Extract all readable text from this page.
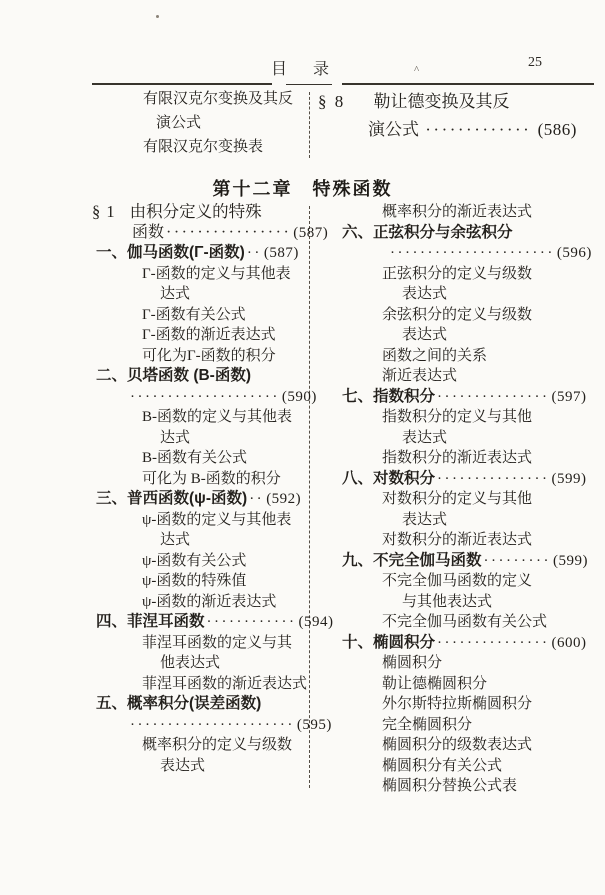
目　录	25
^
有限汉克尔变换及其反
演公式
有限汉克尔变换表
§ 8 勒让德变换及其反
演公式 ············· (586)
第十二章　特殊函数
§ 1 由积分定义的特殊
函数 ················ (587)
一、伽马函数(Γ-函数) ·· (587)
Γ-函数的定义与其他表
达式
Γ-函数有关公式
Γ-函数的渐近表达式
可化为Γ-函数的积分
二、贝塔函数 (B-函数)
···················· (590)
B-函数的定义与其他表
达式
B-函数有关公式
可化为 B-函数的积分
三、普西函数(ψ-函数) ·· (592)
ψ-函数的定义与其他表
达式
ψ-函数有关公式
ψ-函数的特殊值
ψ-函数的渐近表达式
四、菲涅耳函数 ············ (594)
菲涅耳函数的定义与其
他表达式
菲涅耳函数的渐近表达式
五、概率积分(误差函数)
······················ (595)
概率积分的定义与级数
表达式
概率积分的渐近表达式
六、正弦积分与余弦积分
······················ (596)
正弦积分的定义与级数
表达式
余弦积分的定义与级数
表达式
函数之间的关系
渐近表达式
七、指数积分 ··············· (597)
指数积分的定义与其他
表达式
指数积分的渐近表达式
八、对数积分 ··············· (599)
对数积分的定义与其他
表达式
对数积分的渐近表达式
九、不完全伽马函数 ········· (599)
不完全伽马函数的定义
与其他表达式
不完全伽马函数有关公式
十、椭圆积分 ··············· (600)
椭圆积分
勒让德椭圆积分
外尔斯特拉斯椭圆积分
完全椭圆积分
椭圆积分的级数表达式
椭圆积分有关公式
椭圆积分替换公式表
